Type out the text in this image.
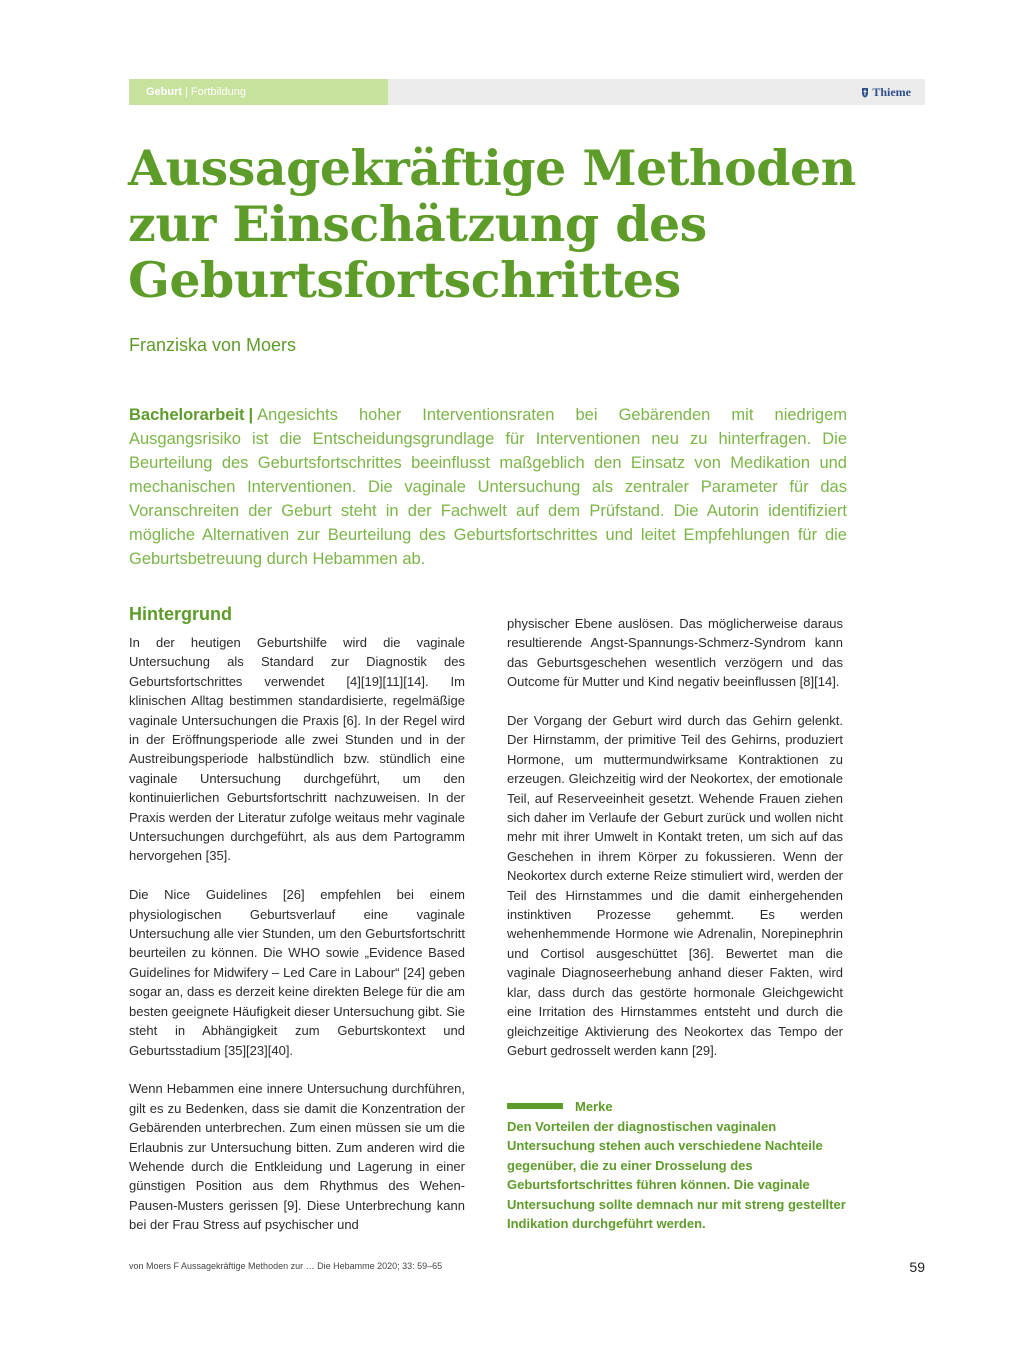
Geburt | Fortbildung	Thieme
Aussagekräftige Methoden
zur Einschätzung des
Geburtsfortschrittes
Franziska von Moers
Bachelorarbeit | Angesichts hoher Interventionsraten bei Gebärenden mit niedrigem Ausgangsrisiko ist die Entscheidungsgrundlage für Interventionen neu zu hinterfragen. Die Beurteilung des Geburtsfortschrittes beeinflusst maßgeblich den Einsatz von Medikation und mechanischen Interventionen. Die vaginale Untersuchung als zentraler Parameter für das Voranschreiten der Geburt steht in der Fachwelt auf dem Prüfstand. Die Autorin identifiziert mögliche Alternativen zur Beurteilung des Geburtsfortschrittes und leitet Empfehlungen für die Geburtsbetreuung durch Hebammen ab.
Hintergrund

In der heutigen Geburtshilfe wird die vaginale Untersuchung als Standard zur Diagnostik des Geburtsfortschrittes verwendet [4][19][11][14]. Im klinischen Alltag bestimmen standardisierte, regelmäßige vaginale Untersuchungen die Praxis [6]. In der Regel wird in der Eröffnungsperiode alle zwei Stunden und in der Austreibungsperiode halbstündlich bzw. stündlich eine vaginale Untersuchung durchgeführt, um den kontinuierlichen Geburtsfortschritt nachzuweisen. In der Praxis werden der Literatur zufolge weitaus mehr vaginale Untersuchungen durchgeführt, als aus dem Partogramm hervorgehen [35].

Die Nice Guidelines [26] empfehlen bei einem physiologischen Geburtsverlauf eine vaginale Untersuchung alle vier Stunden, um den Geburtsfortschritt beurteilen zu können. Die WHO sowie „Evidence Based Guidelines for Midwifery – Led Care in Labour“ [24] geben sogar an, dass es derzeit keine direkten Belege für die am besten geeignete Häufigkeit dieser Untersuchung gibt. Sie steht in Abhängigkeit zum Geburtskontext und Geburtsstadium [35][23][40].

Wenn Hebammen eine innere Untersuchung durchführen, gilt es zu Bedenken, dass sie damit die Konzentration der Gebärenden unterbrechen. Zum einen müssen sie um die Erlaubnis zur Untersuchung bitten. Zum anderen wird die Wehende durch die Entkleidung und Lagerung in einer günstigen Position aus dem Rhythmus des Wehen-Pausen-Musters gerissen [9]. Diese Unterbrechung kann bei der Frau Stress auf psychischer und

physischer Ebene auslösen. Das möglicherweise daraus resultierende Angst-Spannungs-Schmerz-Syndrom kann das Geburtsgeschehen wesentlich verzögern und das Outcome für Mutter und Kind negativ beeinflussen [8][14].

Der Vorgang der Geburt wird durch das Gehirn gelenkt. Der Hirnstamm, der primitive Teil des Gehirns, produziert Hormone, um muttermundwirksame Kontraktionen zu erzeugen. Gleichzeitig wird der Neokortex, der emotionale Teil, auf Reserveeinheit gesetzt. Wehende Frauen ziehen sich daher im Verlaufe der Geburt zurück und wollen nicht mehr mit ihrer Umwelt in Kontakt treten, um sich auf das Geschehen in ihrem Körper zu fokussieren. Wenn der Neokortex durch externe Reize stimuliert wird, werden der Teil des Hirnstammes und die damit einhergehenden instinktiven Prozesse gehemmt. Es werden wehenhemmende Hormone wie Adrenalin, Norepinephrin und Cortisol ausgeschüttet [36]. Bewertet man die vaginale Diagnoseerhebung anhand dieser Fakten, wird klar, dass durch das gestörte hormonale Gleichgewicht eine Irritation des Hirnstammes entsteht und durch die gleichzeitige Aktivierung des Neokortex das Tempo der Geburt gedrosselt werden kann [29].

Merke

Den Vorteilen der diagnostischen vaginalen Untersuchung stehen auch verschiedene Nachteile gegenüber, die zu einer Drosselung des Geburtsfortschrittes führen können. Die vaginale Untersuchung sollte demnach nur mit streng gestellter Indikation durchgeführt werden.

von Moers F Aussagekräftige Methoden zur … Die Hebamme 2020; 33: 59–65	59
